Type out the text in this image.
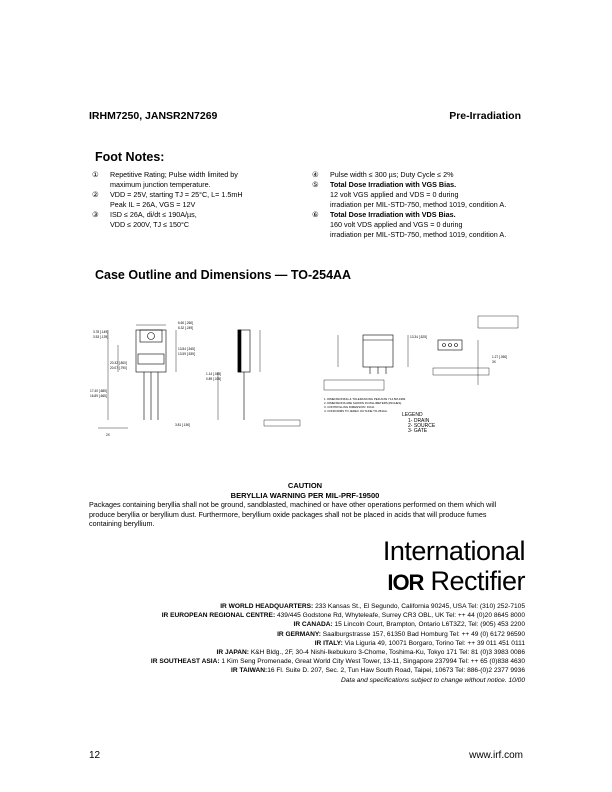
IRHM7250, JANSR2N7269	Pre-Irradiation
Foot Notes:
① Repetitive Rating; Pulse width limited by
maximum junction temperature.
② VDD = 25V, starting TJ = 25°C, L= 1.5mH
Peak IL = 26A, VGS = 12V
③ ISD ≤ 26A, di/dt ≤ 190A/µs,
VDD ≤ 200V, TJ ≤ 150°C
④ Pulse width ≤ 300 µs; Duty Cycle ≤ 2%
⑤ Total Dose Irradiation with VGS Bias.
12 volt VGS applied and VDS = 0 during
irradiation per MIL-STD-750, method 1019, condition A.
⑥ Total Dose Irradiation with VDS Bias.
160 volt VDS applied and VGS = 0 during
irradiation per MIL-STD-750, method 1019, condition A.
Case Outline and Dimensions — TO-254AA
6.60 [.260]
6.32 [.249]
3.78 [.149]
3.53 [.139]
13.84 [.545]
13.59 [.535]
20.32 [.800]
20.07 [.790]
17.40 [.685]
16.89 [.665]
1.14 [.045]
0.89 [.035]
3.81 [.150]
13.34 [.525]
2X
1.27 [.050]
3X
1. DIMENSIONING & TOLERANCING PER ANSI Y14.5M-1982.
2. DIMENSIONS ARE SHOWN IN MILLIMETERS [INCHES].
3. CONTROLLING DIMENSION: INCH.
4. CONFORMS TO JEDEC OUTLINE TO-254AA.
LEGEND
1- DRAIN
2- SOURCE
3- GATE
CAUTION
BERYLLIA WARNING PER MIL-PRF-19500
Packages containing beryllia shall not be ground, sandblasted, machined or have other operations performed on them which will produce beryllia or beryllium dust. Furthermore, beryllium oxide packages shall not be placed in acids that will produce fumes containing beryllium.
International
IOR Rectifier
IR WORLD HEADQUARTERS: 233 Kansas St., El Segundo, California 90245, USA Tel: (310) 252-7105
IR EUROPEAN REGIONAL CENTRE: 439/445 Godstone Rd, Whyteleafe, Surrey CR3 OBL, UK Tel: ++ 44 (0)20 8645 8000
IR CANADA: 15 Lincoln Court, Brampton, Ontario L6T3Z2, Tel: (905) 453 2200
IR GERMANY: Saalburgstrasse 157, 61350 Bad Homburg Tel: ++ 49 (0) 6172 96590
IR ITALY: Via Liguria 49, 10071 Borgaro, Torino Tel: ++ 39 011 451 0111
IR JAPAN: K&H Bldg., 2F, 30-4 Nishi-Ikebukuro 3-Chome, Toshima-Ku, Tokyo 171 Tel: 81 (0)3 3983 0086
IR SOUTHEAST ASIA: 1 Kim Seng Promenade, Great World City West Tower, 13-11, Singapore 237994 Tel: ++ 65 (0)838 4630
IR TAIWAN:16 Fl. Suite D. 207, Sec. 2, Tun Haw South Road, Taipei, 10673 Tel: 886-(0)2 2377 9936
Data and specifications subject to change without notice. 10/00
12	www.irf.com
